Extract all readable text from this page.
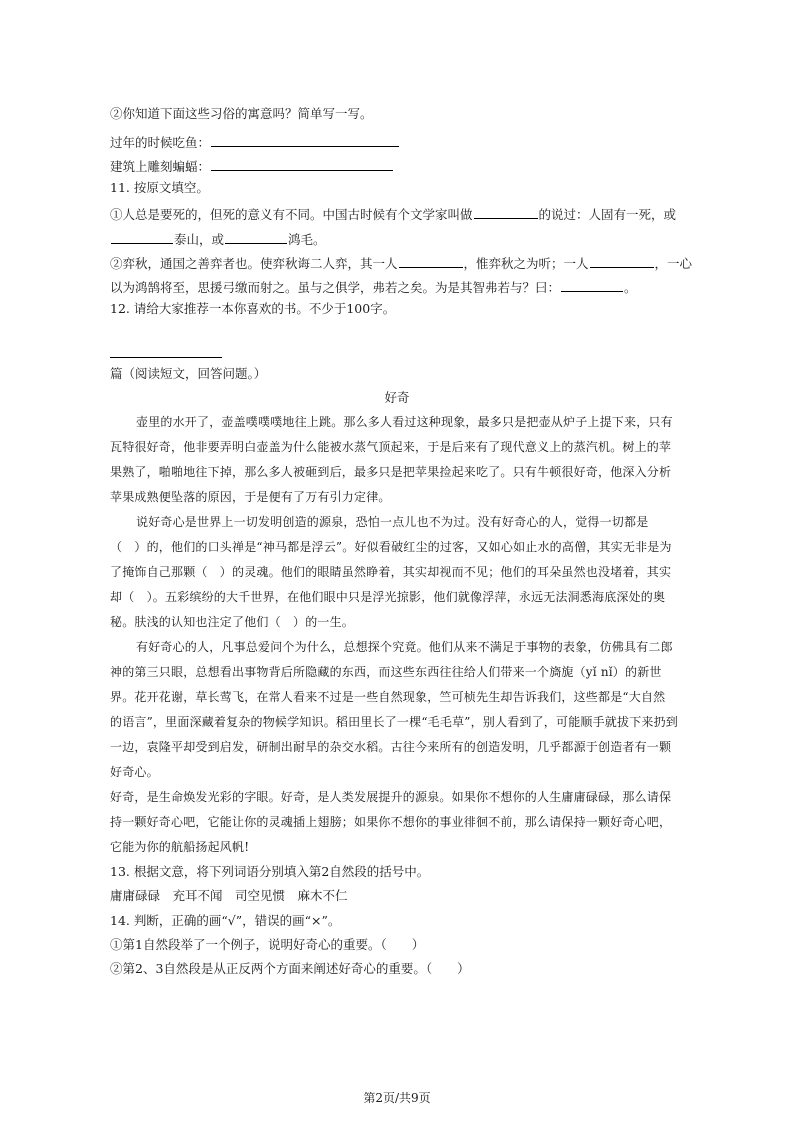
②你知道下面这些习俗的寓意吗？简单写一写。
过年的时候吃鱼：
建筑上雕刻蝙蝠：
11. 按原文填空。
①人总是要死的，但死的意义有不同。中国古时候有个文学家叫做	的说过：人固有一死，或
泰山，或	鸿毛。
②弈秋，通国之善弈者也。使弈秋诲二人弈，其一人	，惟弈秋之为听；一人	，一心
以为鸿鹄将至，思援弓缴而射之。虽与之俱学，弗若之矣。为是其智弗若与？曰：	。
12. 请给大家推荐一本你喜欢的书。不少于100字。
篇（阅读短文，回答问题。）
好奇
壶里的水开了，壶盖噗噗噗地往上跳。那么多人看过这种现象，最多只是把壶从炉子上提下来，只有
瓦特很好奇，他非要弄明白壶盖为什么能被水蒸气顶起来，于是后来有了现代意义上的蒸汽机。树上的苹
果熟了，啪啪地往下掉，那么多人被砸到后，最多只是把苹果捡起来吃了。只有牛顿很好奇，他深入分析
苹果成熟便坠落的原因，于是便有了万有引力定律。
说好奇心是世界上一切发明创造的源泉，恐怕一点儿也不为过。没有好奇心的人，觉得一切都是
（　）的，他们的口头禅是“神马都是浮云”。好似看破红尘的过客，又如心如止水的高僧，其实无非是为
了掩饰自己那颗（　）的灵魂。他们的眼睛虽然睁着，其实却视而不见；他们的耳朵虽然也没堵着，其实
却（　）。五彩缤纷的大千世界，在他们眼中只是浮光掠影，他们就像浮萍，永远无法洞悉海底深处的奥
秘。肤浅的认知也注定了他们（　）的一生。
有好奇心的人，凡事总爱问个为什么，总想探个究竟。他们从来不满足于事物的表象，仿佛具有二郎
神的第三只眼，总想看出事物背后所隐藏的东西，而这些东西往往给人们带来一个旖旎（yǐ nǐ）的新世
界。花开花谢，草长莺飞，在常人看来不过是一些自然现象，竺可桢先生却告诉我们，这些都是“大自然
的语言”，里面深藏着复杂的物候学知识。稻田里长了一棵“毛毛草”，别人看到了，可能顺手就拔下来扔到
一边，袁隆平却受到启发，研制出耐旱的杂交水稻。古往今来所有的创造发明，几乎都源于创造者有一颗
好奇心。
好奇，是生命焕发光彩的字眼。好奇，是人类发展提升的源泉。如果你不想你的人生庸庸碌碌，那么请保
持一颗好奇心吧，它能让你的灵魂插上翅膀；如果你不想你的事业徘徊不前，那么请保持一颗好奇心吧，
它能为你的航船扬起风帆!
13. 根据文意，将下列词语分别填入第2自然段的括号中。
庸庸碌碌　充耳不闻　司空见惯　麻木不仁
14. 判断，正确的画“√”，错误的画“×”。
①第1自然段举了一个例子，说明好奇心的重要。（　　）
②第2、3自然段是从正反两个方面来阐述好奇心的重要。（　　）
第2页/共9页
